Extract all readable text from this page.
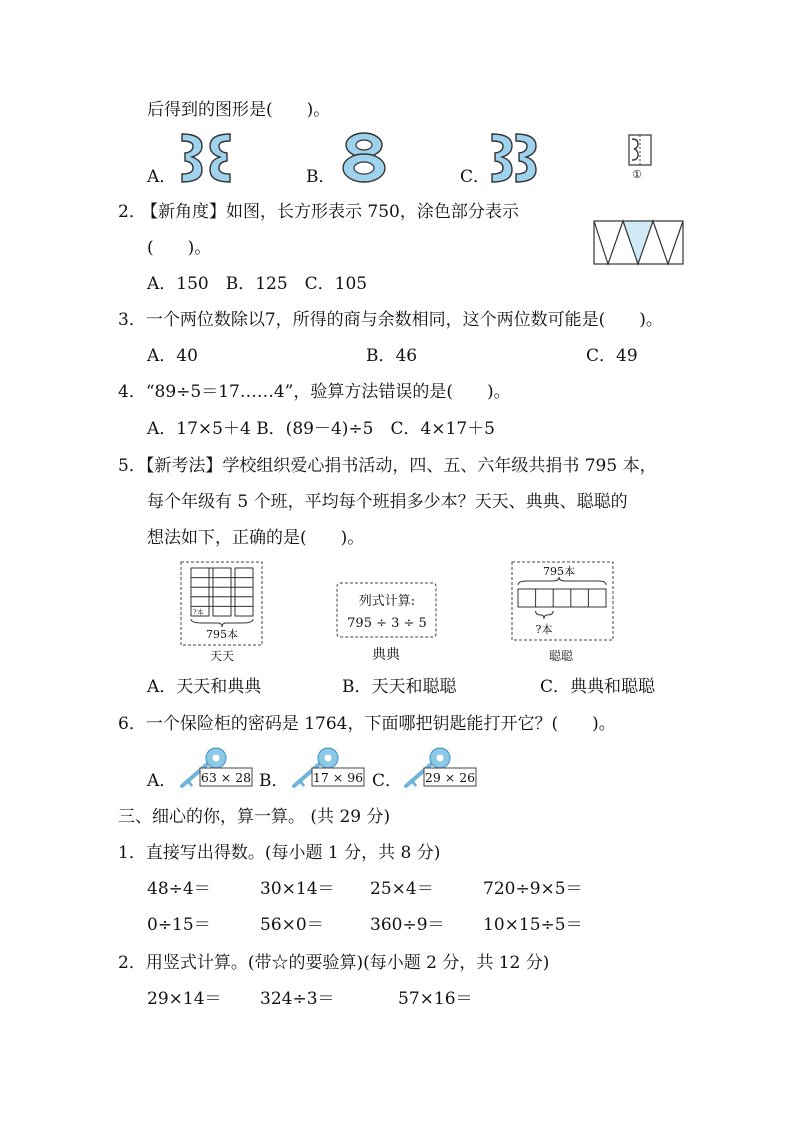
后得到的图形是(　　)。
A．	B．	C．	①
2．
【新角度】如图，长方形表示 750，涂色部分表示
(　　)。
A．150　B．125　C．105
3．一个两位数除以7，所得的商与余数相同，这个两位数可能是(　　)。
A．40	B．46	C．49
4．“89÷5＝17……4”，验算方法错误的是(　　)。
A．17×5＋4 B．(89－4)÷5　C．4×17＋5
5．【新考法】学校组织爱心捐书活动，四、五、六年级共捐书 795 本，
每个年级有 5 个班，平均每个班捐多少本？天天、典典、聪聪的
想法如下，正确的是(　　)。
?本
795本
天天
列式计算:
795 ÷ 3 ÷ 5
典典
795本
?本
聪聪
A．天天和典典	B．天天和聪聪	C．典典和聪聪
6．一个保险柜的密码是 1764，下面哪把钥匙能打开它？(　　)。
A． 63 × 28 B． 17 × 96 C． 29 × 26
三、细心的你，算一算。 (共 29 分)
1．直接写出得数。(每小题 1 分，共 8 分)
48÷4＝	30×14＝ 25×4＝	720÷9×5＝
0÷15＝	56×0＝	360÷9＝ 10×15÷5＝
2．用竖式计算。(带☆的要验算)(每小题 2 分，共 12 分)
29×14＝ 324÷3＝	57×16＝
